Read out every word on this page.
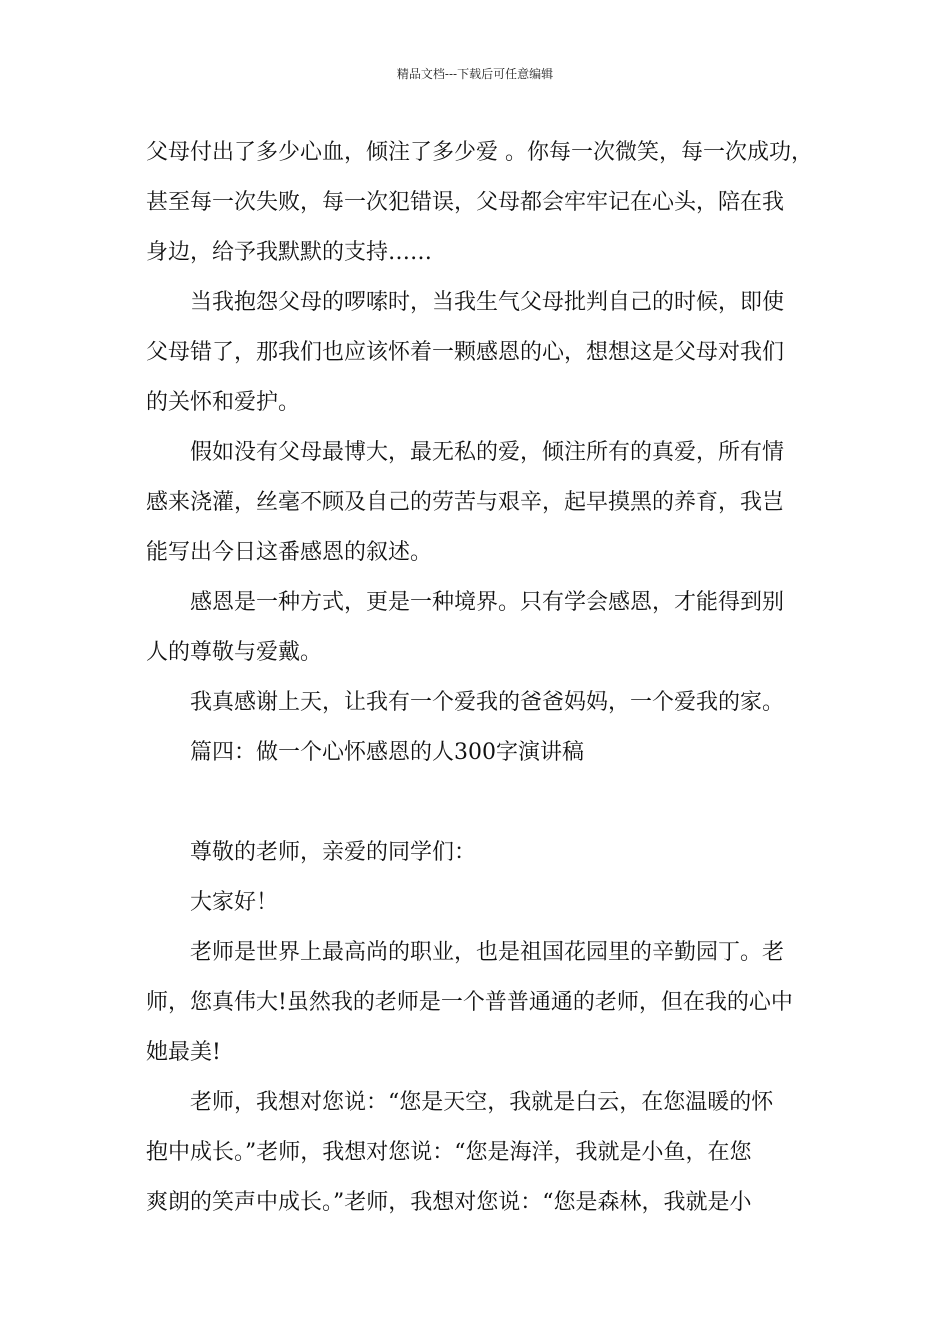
精品文档---下载后可任意编辑
父母付出了多少心血，倾注了多少爱 。你每一次微笑，每一次成功，
甚至每一次失败，每一次犯错误，父母都会牢牢记在心头，陪在我
身边，给予我默默的支持……
当我抱怨父母的啰嗦时，当我生气父母批判自己的时候，即使
父母错了，那我们也应该怀着一颗感恩的心，想想这是父母对我们
的关怀和爱护。
假如没有父母最博大，最无私的爱，倾注所有的真爱，所有情
感来浇灌，丝毫不顾及自己的劳苦与艰辛，起早摸黑的养育，我岂
能写出今日这番感恩的叙述。
感恩是一种方式，更是一种境界。只有学会感恩，才能得到别
人的尊敬与爱戴。
我真感谢上天，让我有一个爱我的爸爸妈妈，一个爱我的家。
篇四：做一个心怀感恩的人300字演讲稿
尊敬的老师，亲爱的同学们：
大家好！
老师是世界上最高尚的职业，也是祖国花园里的辛勤园丁。老
师，您真伟大!虽然我的老师是一个普普通通的老师，但在我的心中
她最美!
老师，我想对您说：“您是天空，我就是白云，在您温暖的怀
抱中成长。”老师，我想对您说：“您是海洋，我就是小鱼，在您
爽朗的笑声中成长。”老师，我想对您说：“您是森林，我就是小
